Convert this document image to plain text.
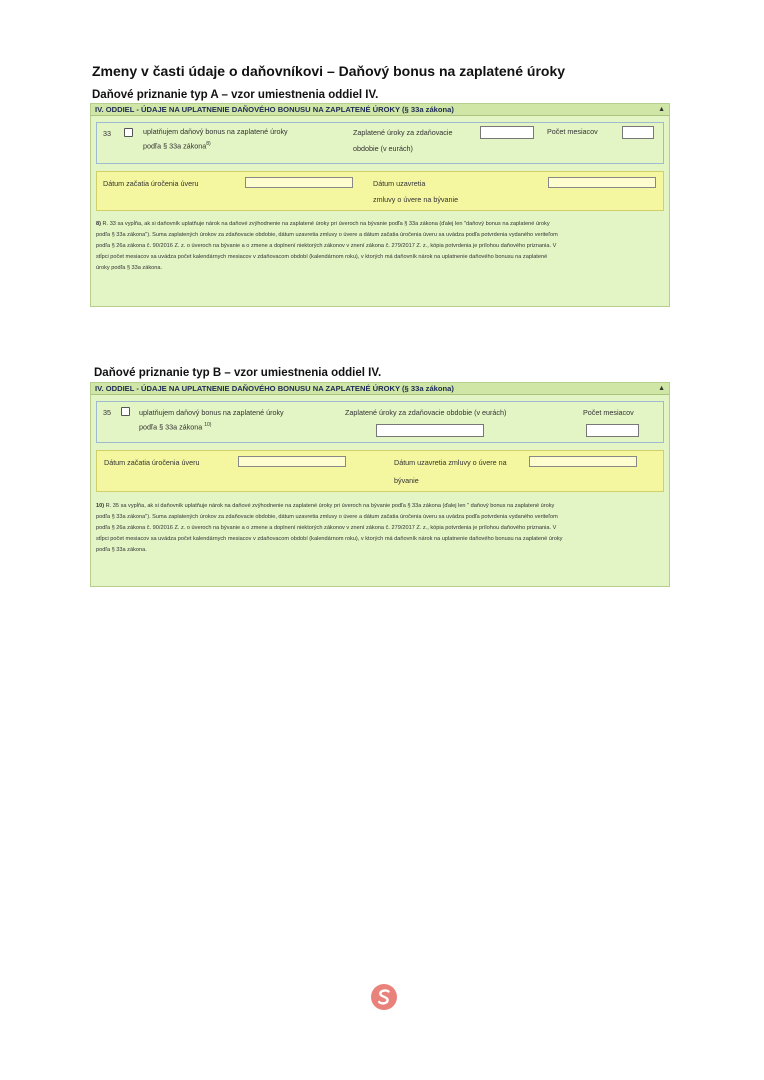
Zmeny v časti údaje o daňovníkovi – Daňový bonus na zaplatené úroky
Daňové priznanie typ A – vzor umiestnenia oddiel IV.
IV. ODDIEL - ÚDAJE NA UPLATNENIE DAŇOVÉHO BONUSU NA ZAPLATENÉ ÚROKY (§ 33a zákona)	▲
33	uplatňujem daňový bonus na zaplatené úroky
podľa § 33a zákona$^{8)}$
Zaplatené úroky za zdaňovacie
obdobie (v eurách)
Počet mesiacov
Dátum začatia úročenia úveru	Dátum uzavretia
zmluvy o úvere na bývanie
8) R. 33 sa vypĺňa, ak si daňovník uplatňuje nárok na daňové zvýhodnenie na zaplatené úroky pri úveroch na bývanie podľa § 33a zákona (ďalej len "daňový bonus na zaplatené úroky
podľa § 33a zákona"). Suma zaplatených úrokov za zdaňovacie obdobie, dátum uzavretia zmluvy o úvere a dátum začatia úročenia úveru sa uvádza podľa potvrdenia vydaného veriteľom
podľa § 26a zákona č. 90/2016 Z. z. o úveroch na bývanie a o zmene a doplnení niektorých zákonov v znení zákona č. 279/2017 Z. z., kópia potvrdenia je prílohou daňového priznania. V
stĺpci počet mesiacov sa uvádza počet kalendárnych mesiacov v zdaňovacom období (kalendárnom roku), v ktorých má daňovník nárok na uplatnenie daňového bonusu na zaplatené
úroky podľa § 33a zákona.
Daňové priznanie typ B – vzor umiestnenia oddiel IV.
IV. ODDIEL - ÚDAJE NA UPLATNENIE DAŇOVÉHO BONUSU NA ZAPLATENÉ ÚROKY (§ 33a zákona)	▲
35	uplatňujem daňový bonus na zaplatené úroky
podľa § 33a zákona $^{10)}$
Zaplatené úroky za zdaňovacie obdobie (v eurách)	Počet mesiacov
Dátum začatia úročenia úveru	Dátum uzavretia zmluvy o úvere na
bývanie
10) R. 35 sa vypĺňa, ak si daňovník uplatňuje nárok na daňové zvýhodnenie na zaplatené úroky pri úveroch na bývanie podľa § 33a zákona (ďalej len " daňový bonus na zaplatené úroky
podľa § 33a zákona"). Suma zaplatených úrokov za zdaňovacie obdobie, dátum uzavretia zmluvy o úvere a dátum začatia úročenia úveru sa uvádza podľa potvrdenia vydaného veriteľom
podľa § 26a zákona č. 90/2016 Z. z. o úveroch na bývanie a o zmene a doplnení niektorých zákonov v znení zákona č. 279/2017 Z. z., kópia potvrdenia je prílohou daňového priznania. V
stĺpci počet mesiacov sa uvádza počet kalendárnych mesiacov v zdaňovacom období (kalendárnom roku), v ktorých má daňovník nárok na uplatnenie daňového bonusu na zaplatené úroky
podľa § 33a zákona.
